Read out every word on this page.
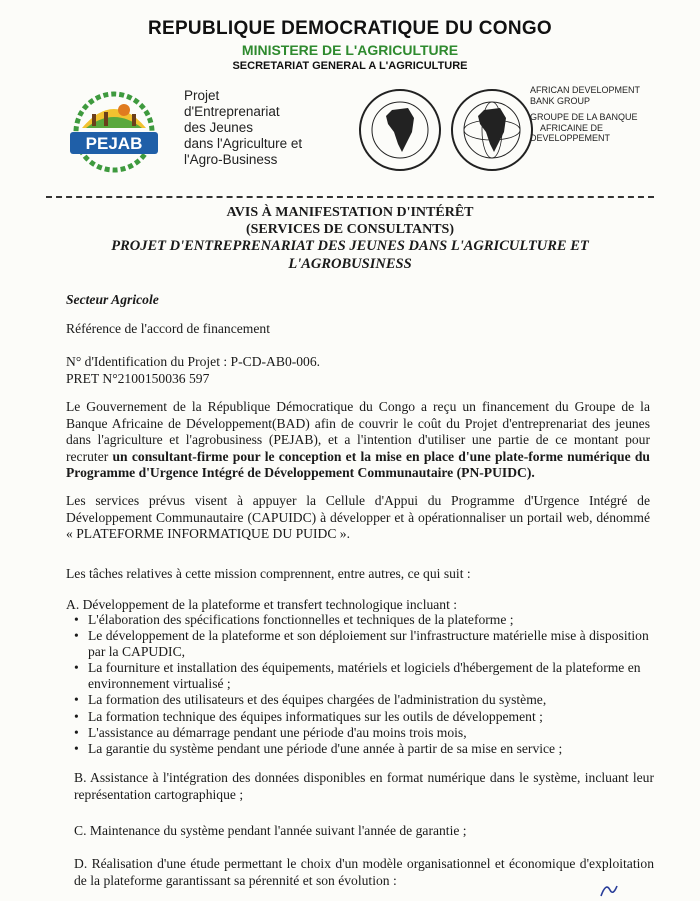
REPUBLIQUE DEMOCRATIQUE DU CONGO
MINISTERE DE L'AGRICULTURE
SECRETARIAT GENERAL A L'AGRICULTURE
PEJAB
Projet
d'Entreprenariat
des Jeunes
dans l'Agriculture et
l'Agro-Business
AFRICAN DEVELOPMENT
BANK GROUP
GROUPE DE LA BANQUE
AFRICAINE DE
DEVELOPPEMENT
AVIS À MANIFESTATION D'INTÉRÊT
(SERVICES DE CONSULTANTS)
PROJET D'ENTREPRENARIAT DES JEUNES DANS L'AGRICULTURE ET
L'AGROBUSINESS
Secteur Agricole
Référence de l'accord de financement
N° d'Identification du Projet : P-CD-AB0-006.
PRET N°2100150036 597
Le Gouvernement de la République Démocratique du Congo a reçu un financement du Groupe de la Banque Africaine de Développement(BAD) afin de couvrir le coût du Projet d'entreprenariat des jeunes dans l'agriculture et l'agrobusiness (PEJAB), et a l'intention d'utiliser une partie de ce montant pour recruter un consultant-firme pour le conception et la mise en place d'une plate-forme numérique du Programme d'Urgence Intégré de Développement Communautaire (PN-PUIDC).
Les services prévus visent à appuyer la Cellule d'Appui du Programme d'Urgence Intégré de Développement Communautaire (CAPUIDC) à développer et à opérationnaliser un portail web, dénommé « PLATEFORME INFORMATIQUE DU PUIDC ».
Les tâches relatives à cette mission comprennent, entre autres, ce qui suit :
A. Développement de la plateforme et transfert technologique incluant :
• L'élaboration des spécifications fonctionnelles et techniques de la plateforme ;
• Le développement de la plateforme et son déploiement sur l'infrastructure matérielle mise à disposition par la CAPUDIC,
• La fourniture et installation des équipements, matériels et logiciels d'hébergement de la plateforme en environnement virtualisé ;
• La formation des utilisateurs et des équipes chargées de l'administration du système,
• La formation technique des équipes informatiques sur les outils de développement ;
• L'assistance au démarrage pendant une période d'au moins trois mois,
• La garantie du système pendant une période d'une année à partir de sa mise en service ;
B. Assistance à l'intégration des données disponibles en format numérique dans le système, incluant leur représentation cartographique ;
C. Maintenance du système pendant l'année suivant l'année de garantie ;
D. Réalisation d'une étude permettant le choix d'un modèle organisationnel et économique d'exploitation de la plateforme garantissant sa pérennité et son évolution :
